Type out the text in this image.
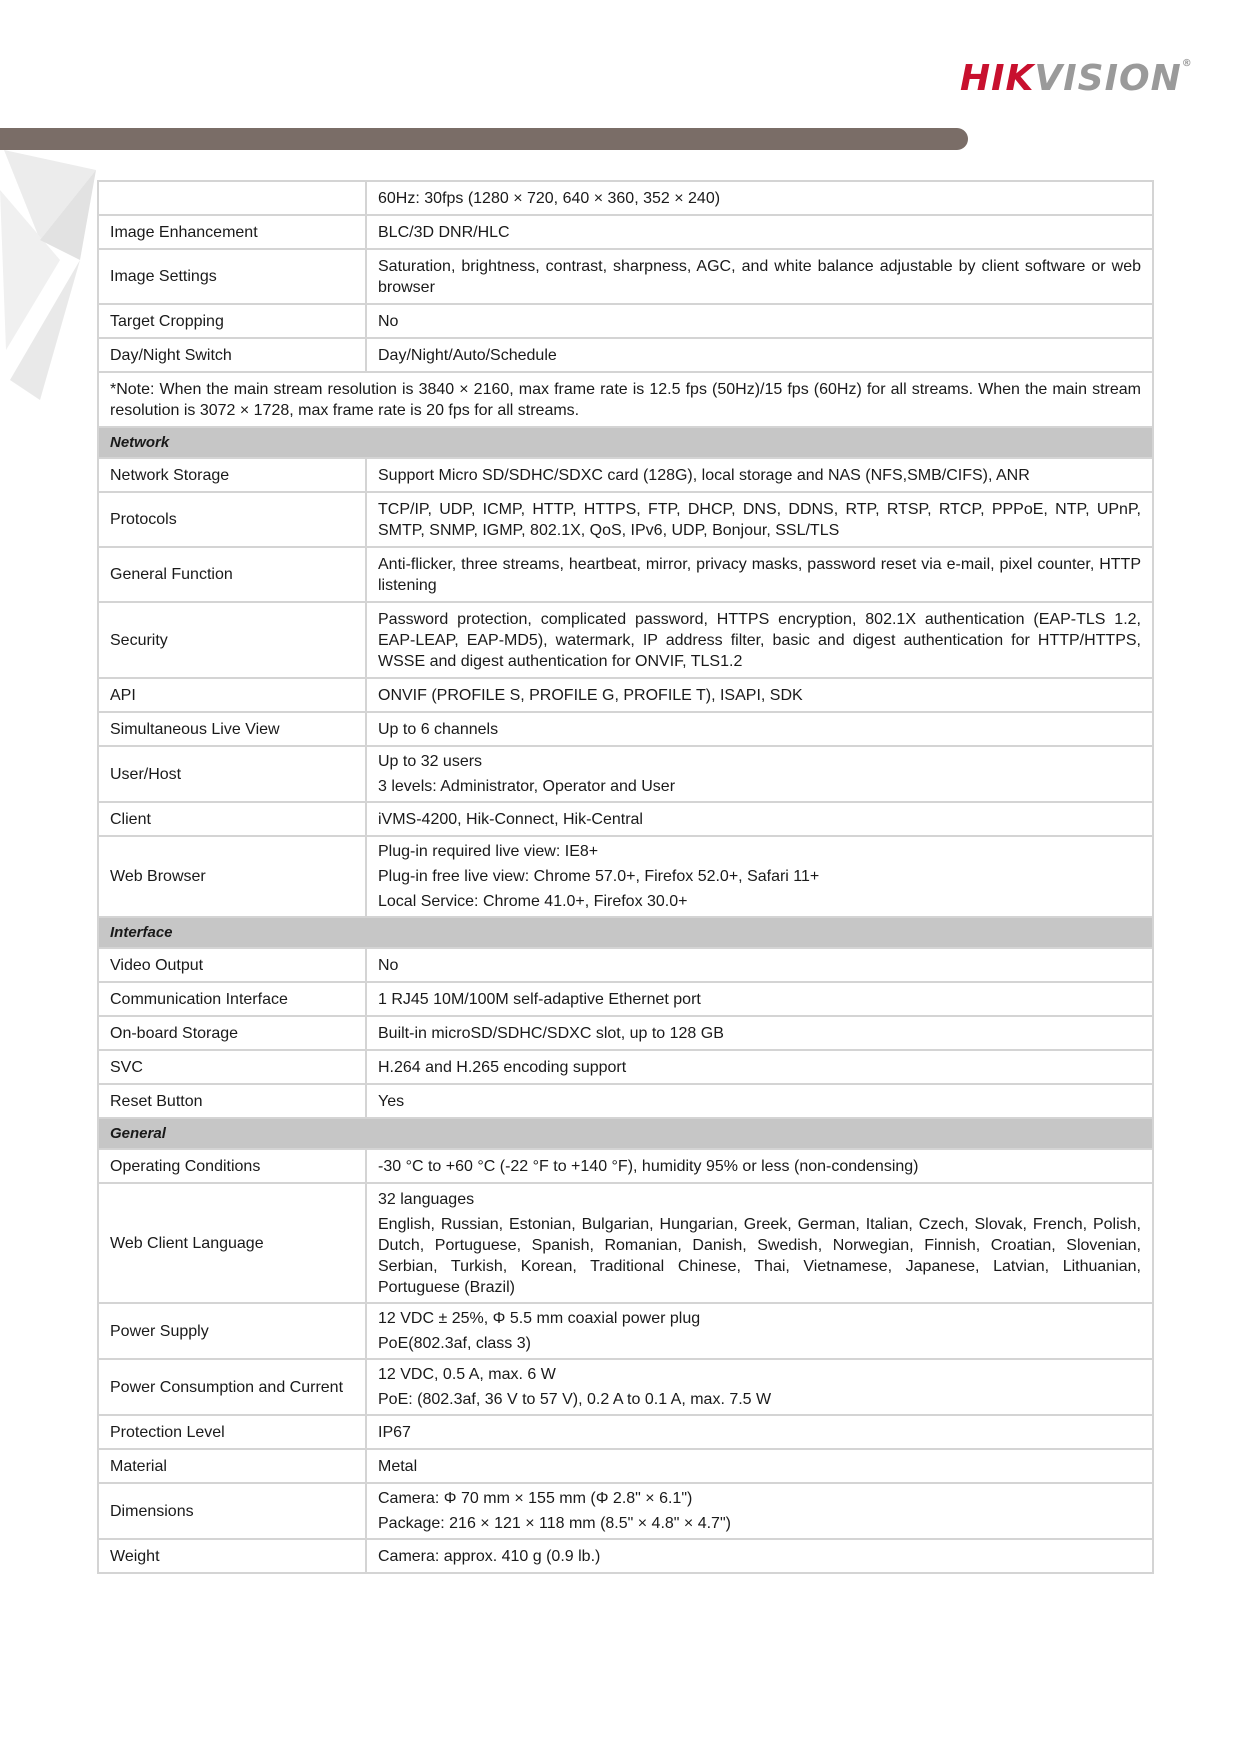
HIKVISION®

	60Hz: 30fps (1280 × 720, 640 × 360, 352 × 240)

Image Enhancement	BLC/3D DNR/HLC

Image Settings	Saturation, brightness, contrast, sharpness, AGC, and white balance adjustable by client software or web browser

Target Cropping	No

Day/Night Switch	Day/Night/Auto/Schedule

*Note: When the main stream resolution is 3840 × 2160, max frame rate is 12.5 fps (50Hz)/15 fps (60Hz) for all streams. When the main stream resolution is 3072 × 1728, max frame rate is 20 fps for all streams.	
Network	
Network Storage	Support Micro SD/SDHC/SDXC card (128G), local storage and NAS (NFS,SMB/CIFS), ANR

Protocols	TCP/IP, UDP, ICMP, HTTP, HTTPS, FTP, DHCP, DNS, DDNS, RTP, RTSP, RTCP, PPPoE, NTP, UPnP, SMTP, SNMP, IGMP, 802.1X, QoS, IPv6, UDP, Bonjour, SSL/TLS

General Function	Anti-flicker, three streams, heartbeat, mirror, privacy masks, password reset via e-mail, pixel counter, HTTP listening

Security	Password protection, complicated password, HTTPS encryption, 802.1X authentication (EAP-TLS 1.2, EAP-LEAP, EAP-MD5), watermark, IP address filter, basic and digest authentication for HTTP/HTTPS, WSSE and digest authentication for ONVIF, TLS1.2

API	ONVIF (PROFILE S, PROFILE G, PROFILE T), ISAPI, SDK

Simultaneous Live View	Up to 6 channels

User/Host	Up to 32 users
3 levels: Administrator, Operator and User

Client	iVMS-4200, Hik-Connect, Hik-Central

Web Browser	Plug-in required live view: IE8+
Plug-in free live view: Chrome 57.0+, Firefox 52.0+, Safari 11+
Local Service: Chrome 41.0+, Firefox 30.0+

Interface	
Video Output	No

Communication Interface	1 RJ45 10M/100M self-adaptive Ethernet port

On-board Storage	Built-in microSD/SDHC/SDXC slot, up to 128 GB

SVC	H.264 and H.265 encoding support

Reset Button	Yes

General	
Operating Conditions	-30 °C to +60 °C (-22 °F to +140 °F), humidity 95% or less (non-condensing)

Web Client Language	32 languages
English, Russian, Estonian, Bulgarian, Hungarian, Greek, German, Italian, Czech, Slovak, French, Polish, Dutch, Portuguese, Spanish, Romanian, Danish, Swedish, Norwegian, Finnish, Croatian, Slovenian, Serbian, Turkish, Korean, Traditional Chinese, Thai, Vietnamese, Japanese, Latvian, Lithuanian, Portuguese (Brazil)

Power Supply	12 VDC ± 25%, Φ 5.5 mm coaxial power plug
PoE(802.3af, class 3)

Power Consumption and Current	12 VDC, 0.5 A, max. 6 W
PoE: (802.3af, 36 V to 57 V), 0.2 A to 0.1 A, max. 7.5 W

Protection Level	IP67

Material	Metal

Dimensions	Camera: Φ 70 mm × 155 mm (Φ 2.8" × 6.1")
Package: 216 × 121 × 118 mm (8.5" × 4.8" × 4.7")

Weight	Camera: approx. 410 g (0.9 lb.)
